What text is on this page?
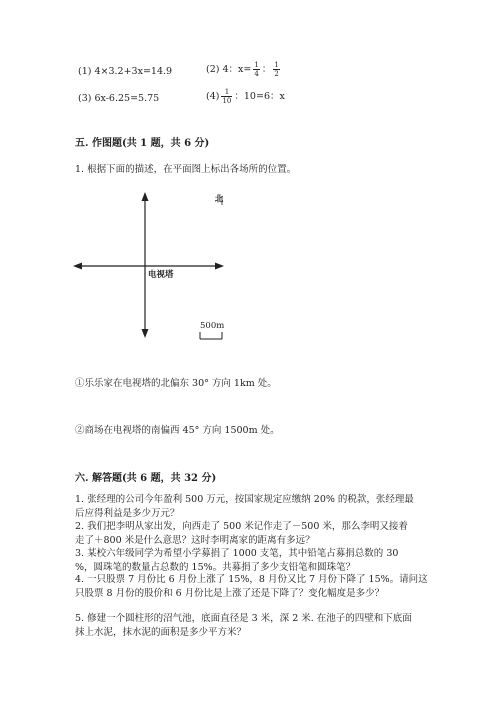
(1) 4×3.2+3x=14.9	(2) 4：$x= \frac{1}{4}$ ： $\frac{1}{2}$
(3) 6x-6.25=5.75	$(4) \frac{1}{10}$ ：10=6：x
五. 作图题(共 1 题，共 6 分)
1. 根据下面的描述，在平面图上标出各场所的位置。
北
电视塔
500m
①乐乐家在电视塔的北偏东 30° 方向 1km 处。
②商场在电视塔的南偏西 45° 方向 1500m 处。
六. 解答题(共 6 题，共 32 分)
1. 张经理的公司今年盈利 500 万元，按国家规定应缴纳 20% 的税款，张经理最
后应得利益是多少万元？
2. 我们把李明从家出发，向西走了 500 米记作走了－500 米，那么李明又接着
走了＋800 米是什么意思？这时李明离家的距离有多远？
3. 某校六年级同学为希望小学募捐了 1000 支笔，其中铅笔占募捐总数的 30
%，圆珠笔的数量占总数的 15%。共募捐了多少支铅笔和圆珠笔？
4. 一只股票 7 月份比 6 月份上涨了 15%，8 月份又比 7 月份下降了 15%。请问这
只股票 8 月份的股价和 6 月份比是上涨了还是下降了？变化幅度是多少？
5. 修建一个圆柱形的沼气池，底面直径是 3 米，深 2 米. 在池子的四壁和下底面
抹上水泥，抹水泥的面积是多少平方米？
